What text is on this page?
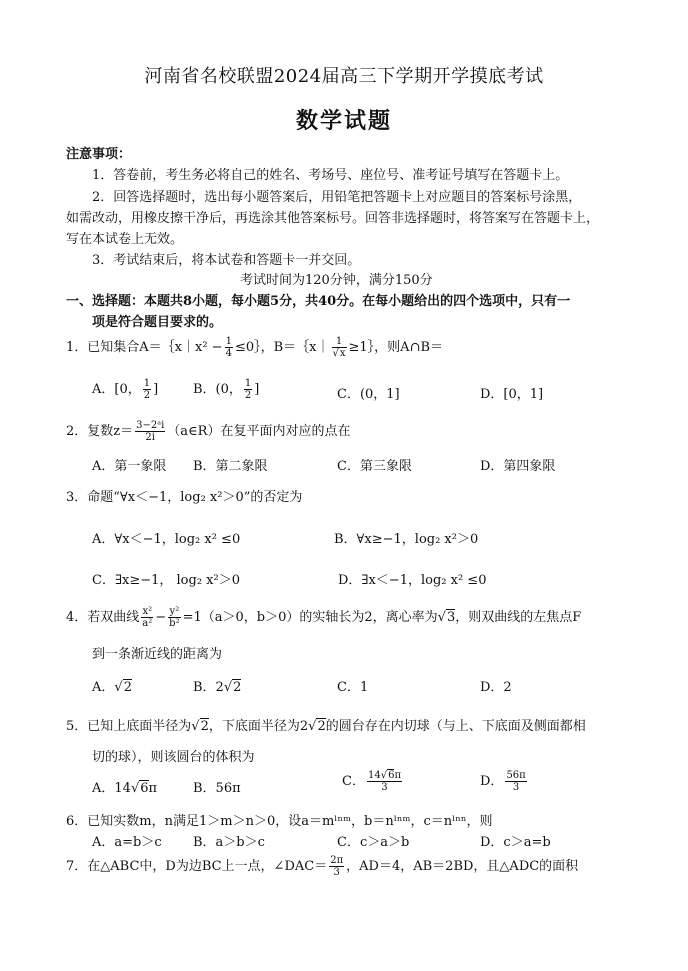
河南省名校联盟2024届高三下学期开学摸底考试
数学试题
注意事项：
1．答卷前，考生务必将自己的姓名、考场号、座位号、准考证号填写在答题卡上。
2．回答选择题时，选出每小题答案后，用铅笔把答题卡上对应题目的答案标号涂黑，
如需改动，用橡皮擦干净后，再选涂其他答案标号。回答非选择题时，将答案写在答题卡上，
写在本试卷上无效。
3．考试结束后，将本试卷和答题卡一并交回。
考试时间为120分钟，满分150分
一、选择题：本题共8小题，每小题5分，共40分。在每小题给出的四个选项中，只有一
项是符合题目要求的。
1．已知集合A＝｛x｜x² − $\frac{1}{4}$ ≤0｝，B＝｛x｜ $\frac{1}{√x}$ ≥1｝，则A∩B＝
A．[0， $\frac{1}{2}$ ]	B．(0， $\frac{1}{2}$ ]	C．(0，1]	D．[0，1]
2．复数$z= \frac{\text{3−2ᵃi}}{2i}$ （a∈R）在复平面内对应的点在
A．第一象限 B．第二象限	C．第三象限	D．第四象限
3．命题“∀x＜−1，log₂ x²＞0”的否定为
A．∀x＜−1，log₂ x² ≤0	B．∀x≥−1，log₂ x²＞0
C．∃x≥−1， log₂ x²＞0	D．∃x＜−1，log₂ x² ≤0
4．若双曲线 $\frac{\text{x²}}{\text{a²}} - \frac{\text{y²}}{\text{b²}} =1(a>0$，b＞0）的实轴长为2，离心率为√3，则双曲线的左焦点F
到一条渐近线的距离为
A．√2	B．2√2	C．1	D．2
5．已知上底面半径为√2，下底面半径为2√2的圆台存在内切球（与上、下底面及侧面都相
切的球），则该圆台的体积为
A．14√6π	B．56π	C． $\frac{14√6\pi}{3}$	D． $\frac{56\pi}{3}$
6．已知实数m，n满足1＞m＞n＞0，设a＝mˡⁿᵐ，b＝nˡⁿᵐ，c＝nˡⁿⁿ，则
A．a=b＞c B．a＞b＞c	C．c＞a＞b	D．c＞a=b
7．在△ABC中，D为边BC上一点，∠DAC＝ $\frac{2\pi}{3}$ ，AD＝4，AB＝2BD，且△ADC的面积
